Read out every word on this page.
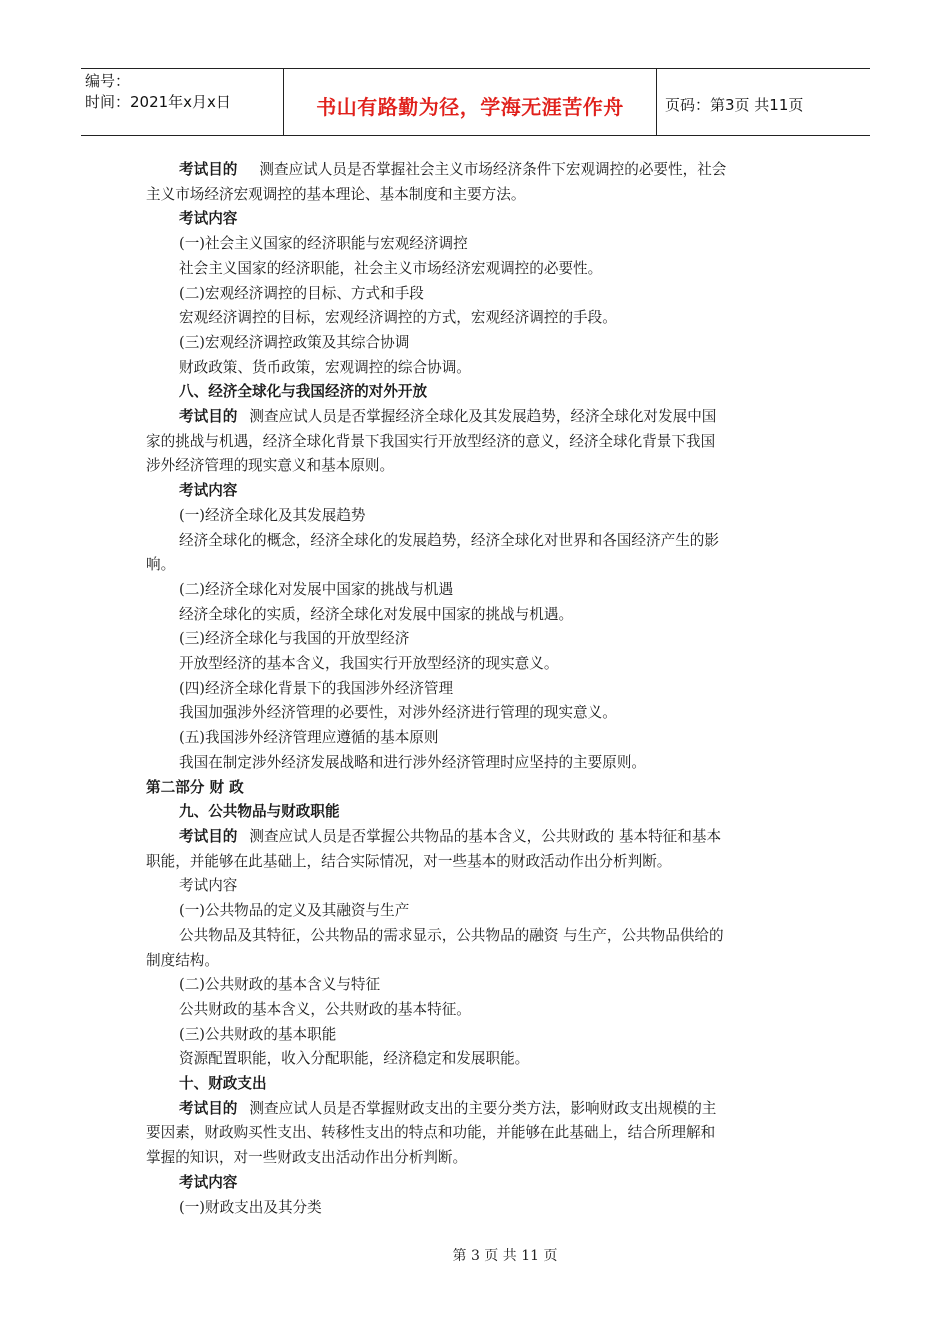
编号：
时间：2021年x月x日	书山有路勤为径，学海无涯苦作舟	页码：第3页 共11页
考试目的 测查应试人员是否掌握社会主义市场经济条件下宏观调控的必要性，社会
主义市场经济宏观调控的基本理论、基本制度和主要方法。
考试内容
(一)社会主义国家的经济职能与宏观经济调控
社会主义国家的经济职能，社会主义市场经济宏观调控的必要性。
(二)宏观经济调控的目标、方式和手段
宏观经济调控的目标，宏观经济调控的方式，宏观经济调控的手段。
(三)宏观经济调控政策及其综合协调
财政政策、货币政策，宏观调控的综合协调。
八、经济全球化与我国经济的对外开放
考试目的 测查应试人员是否掌握经济全球化及其发展趋势，经济全球化对发展中国
家的挑战与机遇，经济全球化背景下我国实行开放型经济的意义，经济全球化背景下我国
涉外经济管理的现实意义和基本原则。
考试内容
(一)经济全球化及其发展趋势
经济全球化的概念，经济全球化的发展趋势，经济全球化对世界和各国经济产生的影
响。
(二)经济全球化对发展中国家的挑战与机遇
经济全球化的实质，经济全球化对发展中国家的挑战与机遇。
(三)经济全球化与我国的开放型经济
开放型经济的基本含义，我国实行开放型经济的现实意义。
(四)经济全球化背景下的我国涉外经济管理
我国加强涉外经济管理的必要性，对涉外经济进行管理的现实意义。
(五)我国涉外经济管理应遵循的基本原则
我国在制定涉外经济发展战略和进行涉外经济管理时应坚持的主要原则。
第二部分 财 政
九、公共物品与财政职能
考试目的 测查应试人员是否掌握公共物品的基本含义，公共财政的 基本特征和基本
职能，并能够在此基础上，结合实际情况，对一些基本的财政活动作出分析判断。
考试内容
(一)公共物品的定义及其融资与生产
公共物品及其特征，公共物品的需求显示，公共物品的融资 与生产，公共物品供给的
制度结构。
(二)公共财政的基本含义与特征
公共财政的基本含义，公共财政的基本特征。
(三)公共财政的基本职能
资源配置职能，收入分配职能，经济稳定和发展职能。
十、财政支出
考试目的 测查应试人员是否掌握财政支出的主要分类方法，影响财政支出规模的主
要因素，财政购买性支出、转移性支出的特点和功能，并能够在此基础上，结合所理解和
掌握的知识，对一些财政支出活动作出分析判断。
考试内容
(一)财政支出及其分类
第 3 页 共 11 页
